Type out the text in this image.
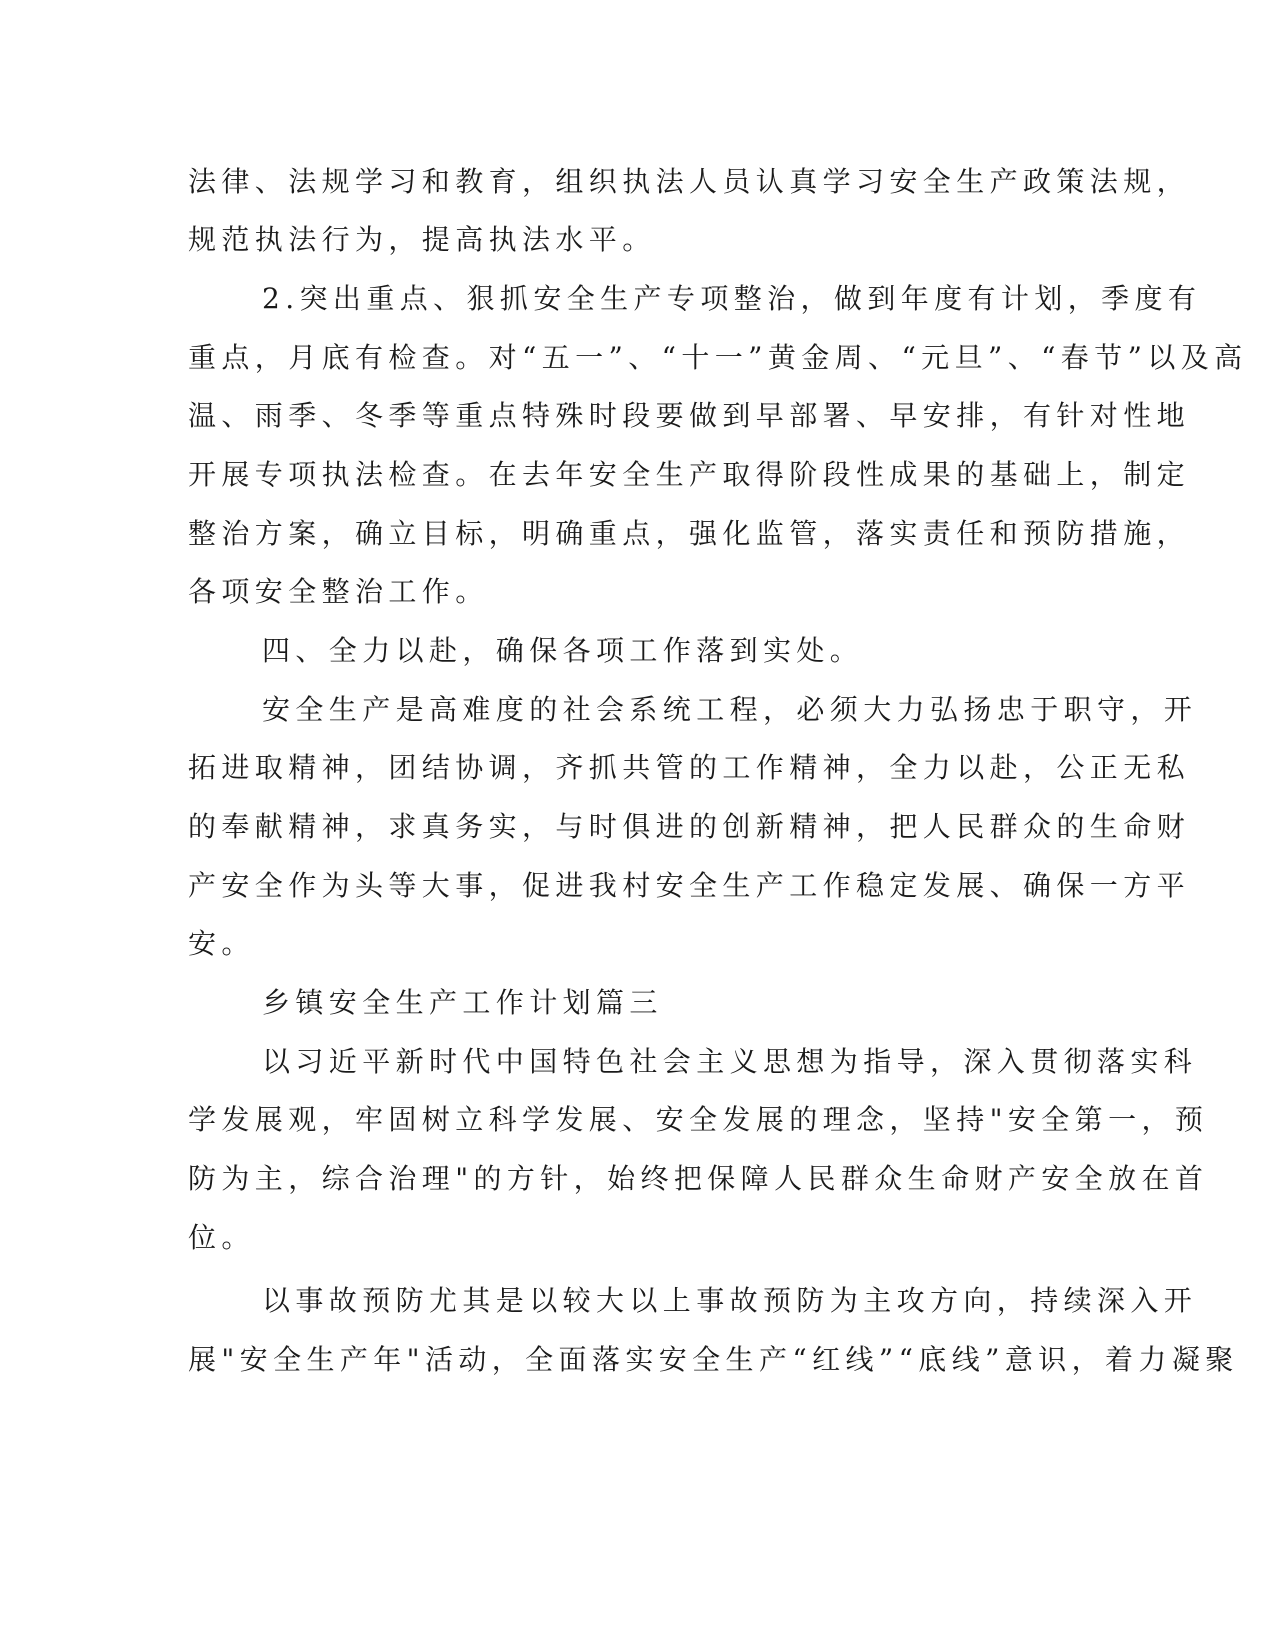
法律、法规学习和教育，组织执法人员认真学习安全生产政策法规，
规范执法行为，提高执法水平。
2.突出重点、狠抓安全生产专项整治，做到年度有计划，季度有
重点，月底有检查。对“五一”、“十一”黄金周、“元旦”、“春节”以及高
温、雨季、冬季等重点特殊时段要做到早部署、早安排，有针对性地
开展专项执法检查。在去年安全生产取得阶段性成果的基础上，制定
整治方案，确立目标，明确重点，强化监管，落实责任和预防措施，
各项安全整治工作。
四、全力以赴，确保各项工作落到实处。
安全生产是高难度的社会系统工程，必须大力弘扬忠于职守，开
拓进取精神，团结协调，齐抓共管的工作精神，全力以赴，公正无私
的奉献精神，求真务实，与时俱进的创新精神，把人民群众的生命财
产安全作为头等大事，促进我村安全生产工作稳定发展、确保一方平
安。
乡镇安全生产工作计划篇三
以习近平新时代中国特色社会主义思想为指导，深入贯彻落实科
学发展观，牢固树立科学发展、安全发展的理念，坚持"安全第一，预
防为主，综合治理"的方针，始终把保障人民群众生命财产安全放在首
位。
以事故预防尤其是以较大以上事故预防为主攻方向，持续深入开
展"安全生产年"活动，全面落实安全生产“红线”“底线”意识，着力凝聚
